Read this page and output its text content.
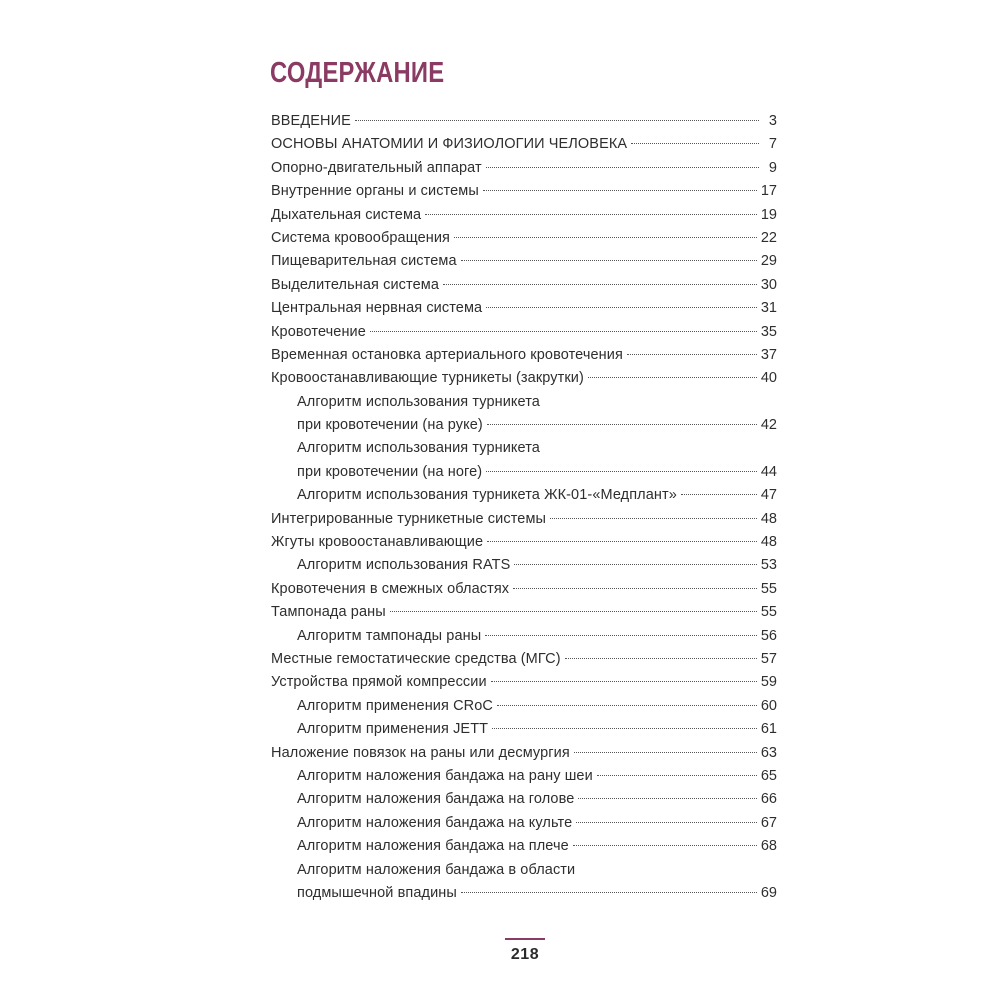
СОДЕРЖАНИЕ
ВВЕДЕНИЕ	3
ОСНОВЫ АНАТОМИИ И ФИЗИОЛОГИИ ЧЕЛОВЕКА	7
Опорно-двигательный аппарат	9
Внутренние органы и системы	17
Дыхательная система	19
Система кровообращения	22
Пищеварительная система	29
Выделительная система	30
Центральная нервная система	31
Кровотечение	35
Временная остановка артериального кровотечения	37
Кровоостанавливающие турникеты (закрутки)	40
Алгоритм использования турникета
при кровотечении (на руке)	42
Алгоритм использования турникета
при кровотечении (на ноге)	44
Алгоритм использования турникета ЖК-01-«Медплант»	47
Интегрированные турникетные системы	48
Жгуты кровоостанавливающие	48
Алгоритм использования RATS	53
Кровотечения в смежных областях	55
Тампонада раны	55
Алгоритм тампонады раны	56
Местные гемостатические средства (МГС)	57
Устройства прямой компрессии	59
Алгоритм применения CRoC	60
Алгоритм применения JETT	61
Наложение повязок на раны или десмургия	63
Алгоритм наложения бандажа на рану шеи	65
Алгоритм наложения бандажа на голове	66
Алгоритм наложения бандажа на культе	67
Алгоритм наложения бандажа на плече	68
Алгоритм наложения бандажа в области
подмышечной впадины	69
218
